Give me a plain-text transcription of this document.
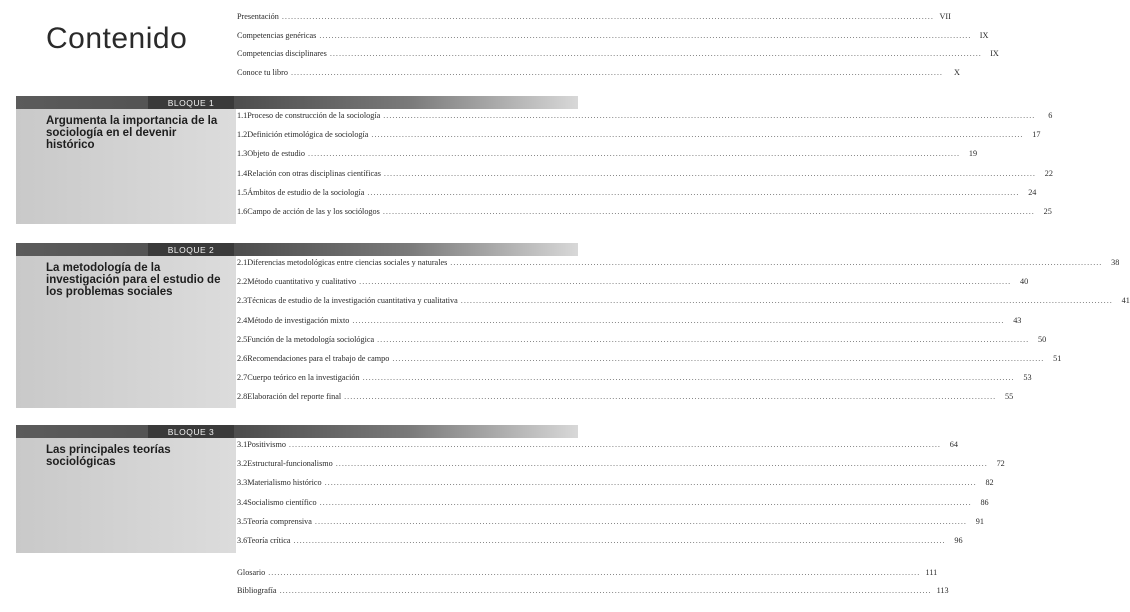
Contenido
Presentación .....	VII
Competencias genéricas .....	IX
Competencias disciplinares .....	IX
Conoce tu libro .....	X
BLOQUE 1
Argumenta la importancia de la sociología en el devenir histórico
1.1 Proceso de construcción de la sociología .....	6
1.2 Definición etimológica de sociología .....	17
1.3 Objeto de estudio .....	19
1.4 Relación con otras disciplinas científicas .....	22
1.5 Ámbitos de estudio de la sociología .....	24
1.6 Campo de acción de las y los sociólogos .....	25
BLOQUE 2
La metodología de la investigación para el estudio de los problemas sociales
2.1 Diferencias metodológicas entre ciencias sociales y naturales .....	38
2.2 Método cuantitativo y cualitativo .....	40
2.3 Técnicas de estudio de la investigación cuantitativa y cualitativa .....	41
2.4 Método de investigación mixto .....	43
2.5 Función de la metodología sociológica .....	50
2.6 Recomendaciones para el trabajo de campo .....	51
2.7 Cuerpo teórico en la investigación .....	53
2.8 Elaboración del reporte final .....	55
BLOQUE 3
Las principales teorías sociológicas
3.1 Positivismo .....	64
3.2 Estructural-funcionalismo .....	72
3.3 Materialismo histórico .....	82
3.4 Socialismo científico .....	86
3.5 Teoría comprensiva .....	91
3.6 Teoría crítica .....	96
Glosario .....	111
Bibliografía .....	113
